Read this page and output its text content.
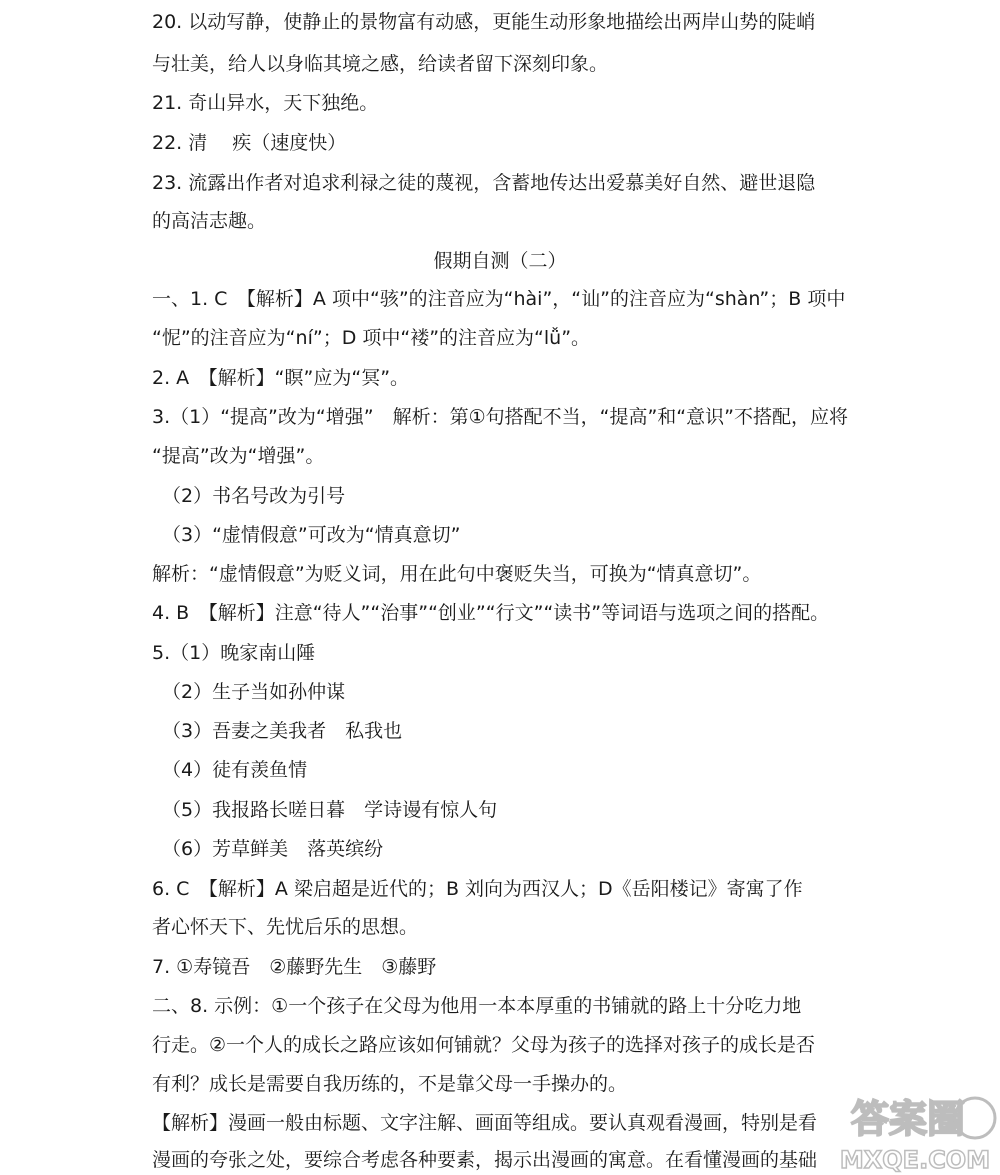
20. 以动写静，使静止的景物富有动感，更能生动形象地描绘出两岸山势的陡峭
与壮美，给人以身临其境之感，给读者留下深刻印象。
21. 奇山异水，天下独绝。
22. 清　 疾（速度快）
23. 流露出作者对追求利禄之徒的蔑视，含蓄地传达出爱慕美好自然、避世退隐
的高洁志趣。
假期自测（二）
一、1. C　【解析】A 项中“骇”的注音应为“hài”，“讪”的注音应为“shàn”；B 项中
“怩”的注音应为“ní”；D 项中“褛”的注音应为“lǚ”。
2. A　【解析】“瞑”应为“冥”。
3.（1）“提高”改为“增强”　解析：第①句搭配不当，“提高”和“意识”不搭配，应将
“提高”改为“增强”。
（2）书名号改为引号
（3）“虚情假意”可改为“情真意切”
解析：“虚情假意”为贬义词，用在此句中褒贬失当，可换为“情真意切”。
4. B　【解析】注意“待人”“治事”“创业”“行文”“读书”等词语与选项之间的搭配。
5.（1）晚家南山陲
（2）生子当如孙仲谋
（3）吾妻之美我者　私我也
（4）徒有羡鱼情
（5）我报路长嗟日暮　学诗谩有惊人句
（6）芳草鲜美　落英缤纷
6. C　【解析】A 梁启超是近代的；B 刘向为西汉人；D《岳阳楼记》寄寓了作
者心怀天下、先忧后乐的思想。
7. ①寿镜吾　②藤野先生　③藤野
二、8. 示例：①一个孩子在父母为他用一本本厚重的书铺就的路上十分吃力地
行走。②一个人的成长之路应该如何铺就？父母为孩子的选择对孩子的成长是否
有利？成长是需要自我历练的，不是靠父母一手操办的。
【解析】漫画一般由标题、文字注解、画面等组成。要认真观看漫画，特别是看
漫画的夸张之处，要综合考虑各种要素，揭示出漫画的寓意。在看懂漫画的基础
答案圈
MXQE.COM
